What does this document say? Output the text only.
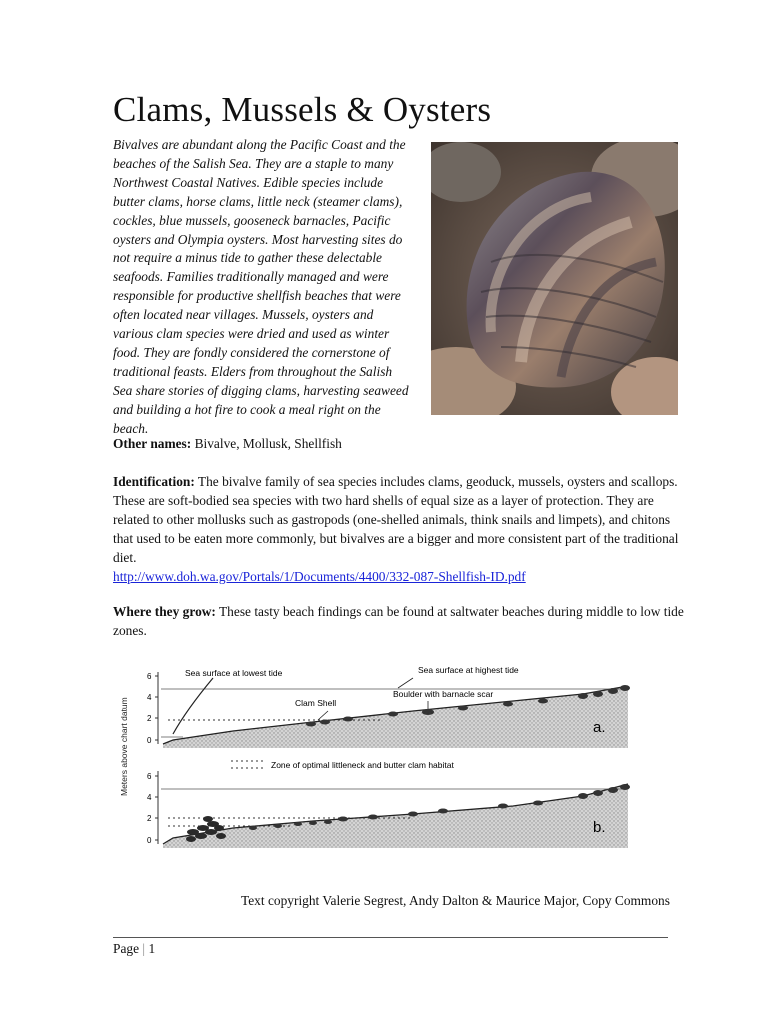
Clams, Mussels & Oysters

Bivalves are abundant along the Pacific Coast and the beaches of the Salish Sea. They are a staple to many Northwest Coastal Natives. Edible species include butter clams, horse clams, little neck (steamer clams), cockles, blue mussels, gooseneck barnacles, Pacific oysters and Olympia oysters. Most harvesting sites do not require a minus tide to gather these delectable seafoods. Families traditionally managed and were responsible for productive shellfish beaches that were often located near villages. Mussels, oysters and various clam species were dried and used as winter food. They are fondly considered the cornerstone of traditional feasts. Elders from throughout the Salish Sea share stories of digging clams, harvesting seaweed and building a hot fire to cook a meal right on the beach.

Other names: Bivalve, Mollusk, Shellfish

Identification: The bivalve family of sea species includes clams, geoduck, mussels, oysters and scallops. These are soft-bodied sea species with two hard shells of equal size as a layer of protection. They are related to other mollusks such as gastropods (one-shelled animals, think snails and limpets), and chitons that used to be eaten more commonly, but bivalves are a bigger and more consistent part of the traditional diet.
http://www.doh.wa.gov/Portals/1/Documents/4400/332-087-Shellfish-ID.pdf

Where they grow: These tasty beach findings can be found at saltwater beaches during middle to low tide zones.

Meters above chart datum
6
4
2
0
Sea surface at lowest tide	Sea surface at highest tide
Boulder with barnacle scar
Clam Shell
a.
Zone of optimal littleneck and butter clam habitat
6
4
2
0
b.

Text copyright Valerie Segrest, Andy Dalton & Maurice Major, Copy Commons

Page | 1
